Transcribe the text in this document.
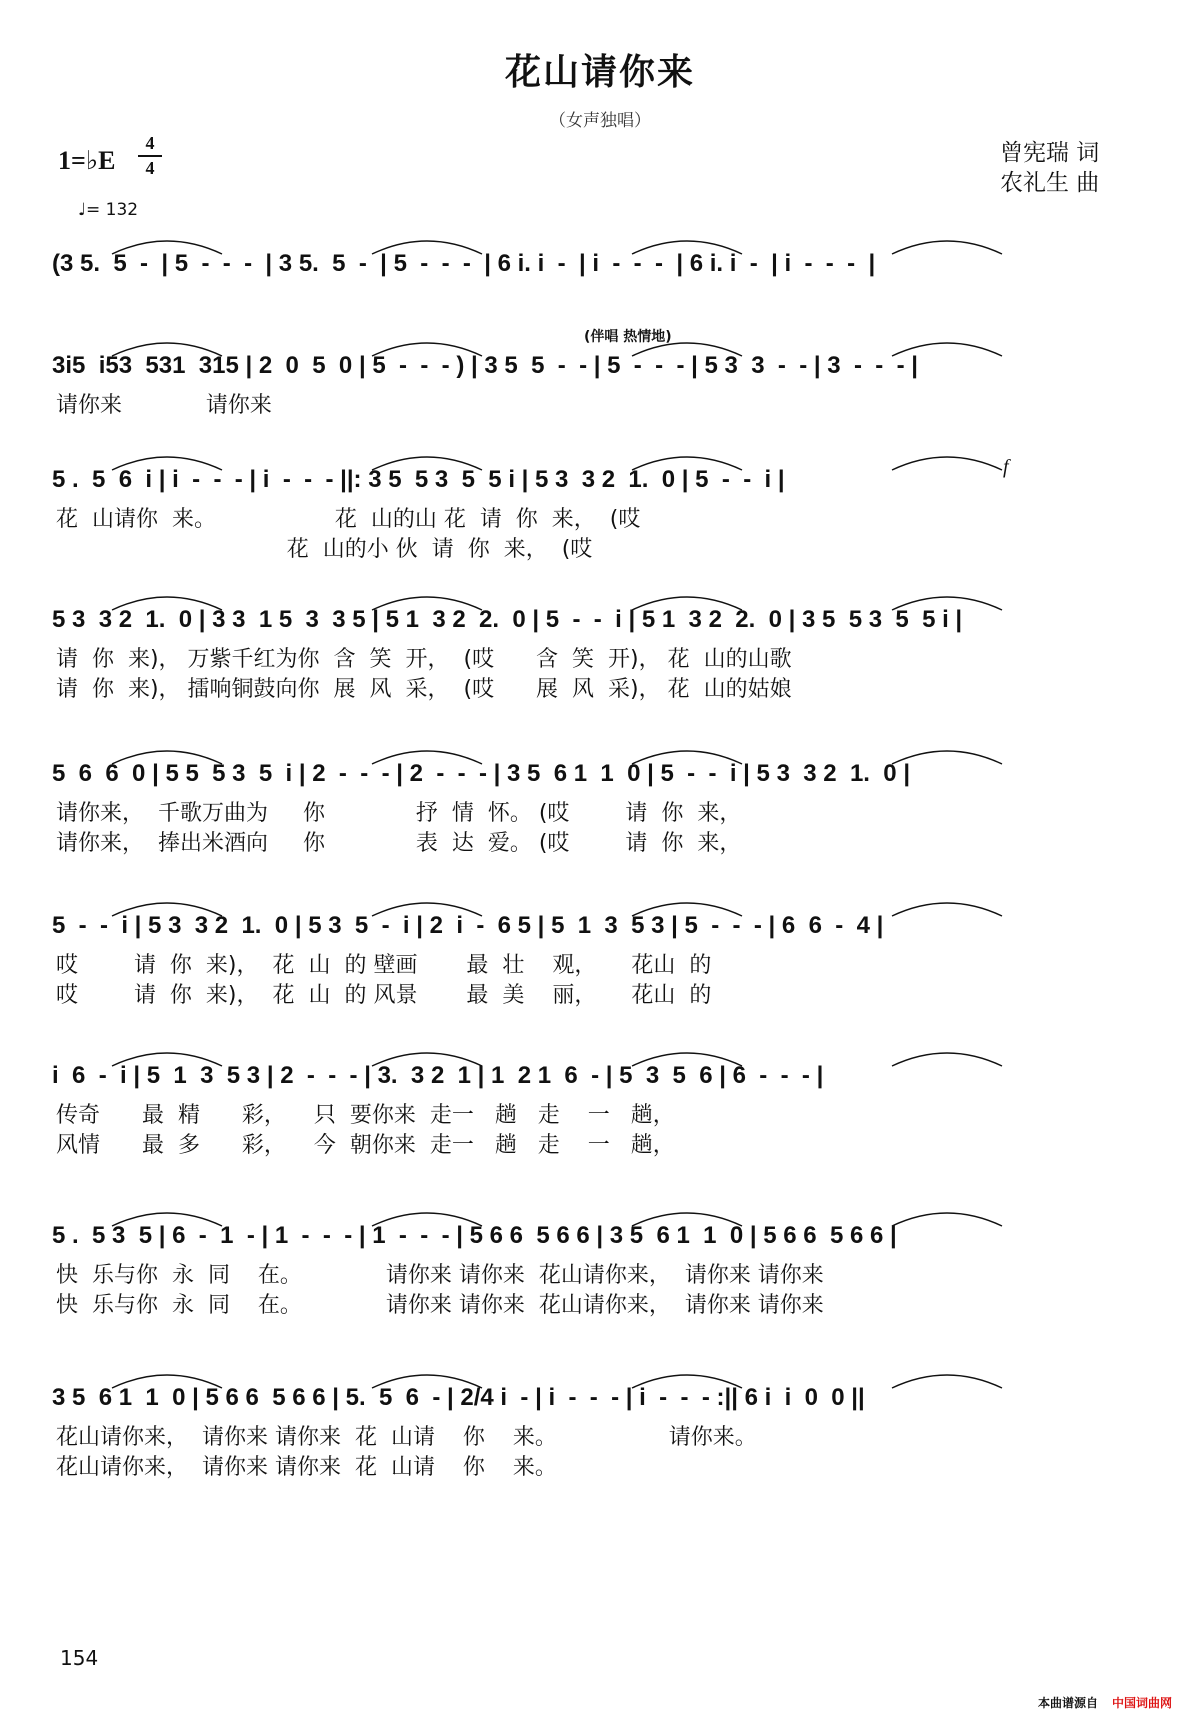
花山请你来
（女声独唱）
曾宪瑞 词
农礼生 曲
1=♭E
4
4
♩= 132
(伴唱 热情地)
f
(3 5.  5  -  | 5  -  -  -  | 3 5.  5  -  | 5  -  -  -  | 6 i. i  -  | i  -  -  -  | 6 i. i  -  | i  -  -  -  |
3i5  i53  531  315 | 2  0  5  0 | 5  -  -  - ) | 3 5  5  -  - | 5  -  -  - | 5 3  3  -  - | 3  -  -  - |
请你来            请你来
5 .  5  6  i | i  -  -  - | i  -  -  - ||: 3 5  5 3  5  5 i | 5 3  3 2  1.  0 | 5  -  -  i |
花  山请你  来。                 花  山的山 花  请  你  来，  (哎
花  山的小 伙  请  你  来，  (哎
5 3  3 2  1.  0 | 3 3  1 5  3  3 5 | 5 1  3 2  2.  0 | 5  -  -  i | 5 1  3 2  2.  0 | 3 5  5 3  5  5 i |
请  你  来)， 万紫千红为你  含  笑  开，  (哎      含  笑  开)， 花  山的山歌
请  你  来)， 擂响铜鼓向你  展  风  采，  (哎      展  风  采)， 花  山的姑娘
5  6  6  0 | 5 5  5 3  5  i | 2  -  -  - | 2  -  -  - | 3 5  6 1  1  0 | 5  -  -  i | 5 3  3 2  1.  0 |
请你来，  千歌万曲为     你             抒  情  怀。 (哎        请  你  来，
请你来，  捧出米酒向     你             表  达  爱。 (哎        请  你  来，
5  -  -  i | 5 3  3 2  1.  0 | 5 3  5  -  i | 2  i  -  6 5 | 5  1  3  5 3 | 5  -  -  - | 6  6  -  4 |
哎        请  你  来)，  花  山  的 壁画       最  壮    观，     花山  的
哎        请  你  来)，  花  山  的 风景       最  美    丽，     花山  的
i  6  -  i | 5  1  3  5 3 | 2  -  -  - | 3.  3 2  1 | 1  2 1  6  - | 5  3  5  6 | 6  -  -  - |
传奇      最  精      彩，    只  要你来  走一   趟   走    一   趟，
风情      最  多      彩，    今  朝你来  走一   趟   走    一   趟，
5 .  5 3  5 | 6  -  1  - | 1  -  -  - | 1  -  -  - | 5 6 6  5 6 6 | 3 5  6 1  1  0 | 5 6 6  5 6 6 |
快  乐与你  永  同    在。            请你来 请你来  花山请你来，  请你来 请你来
快  乐与你  永  同    在。            请你来 请你来  花山请你来，  请你来 请你来
3 5  6 1  1  0 | 5 6 6  5 6 6 | 5.  5  6  - | 2/4 i  - | i  -  -  - | i  -  -  - :|| 6 i  i  0  0 ||
花山请你来，  请你来 请你来  花  山请    你    来。                请你来。
花山请你来，  请你来 请你来  花  山请    你    来。
154
本曲谱源自 中国词曲网
